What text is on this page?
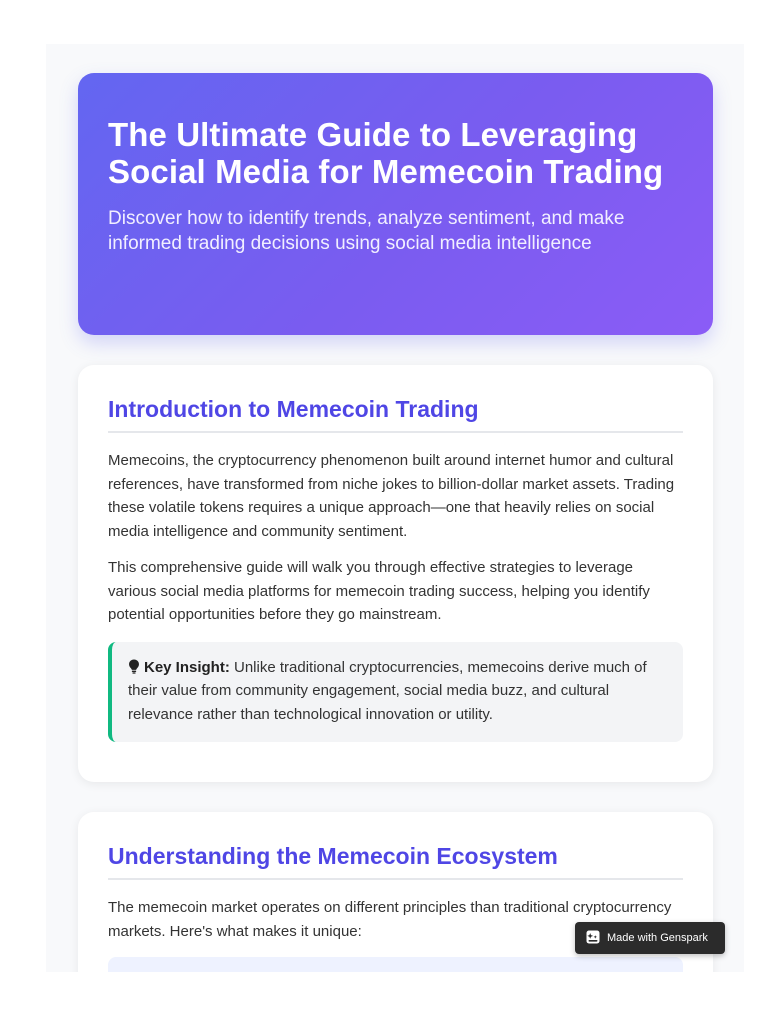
The Ultimate Guide to Leveraging Social Media for Memecoin Trading

Discover how to identify trends, analyze sentiment, and make informed trading decisions using social media intelligence

Introduction to Memecoin Trading

Memecoins, the cryptocurrency phenomenon built around internet humor and cultural references, have transformed from niche jokes to billion-dollar market assets. Trading these volatile tokens requires a unique approach—one that heavily relies on social media intelligence and community sentiment.

This comprehensive guide will walk you through effective strategies to leverage various social media platforms for memecoin trading success, helping you identify potential opportunities before they go mainstream.

Key Insight: Unlike traditional cryptocurrencies, memecoins derive much of their value from community engagement, social media buzz, and cultural relevance rather than technological innovation or utility.
Understanding the Memecoin Ecosystem

The memecoin market operates on different principles than traditional cryptocurrency markets. Here's what makes it unique:	Made with Genspark
